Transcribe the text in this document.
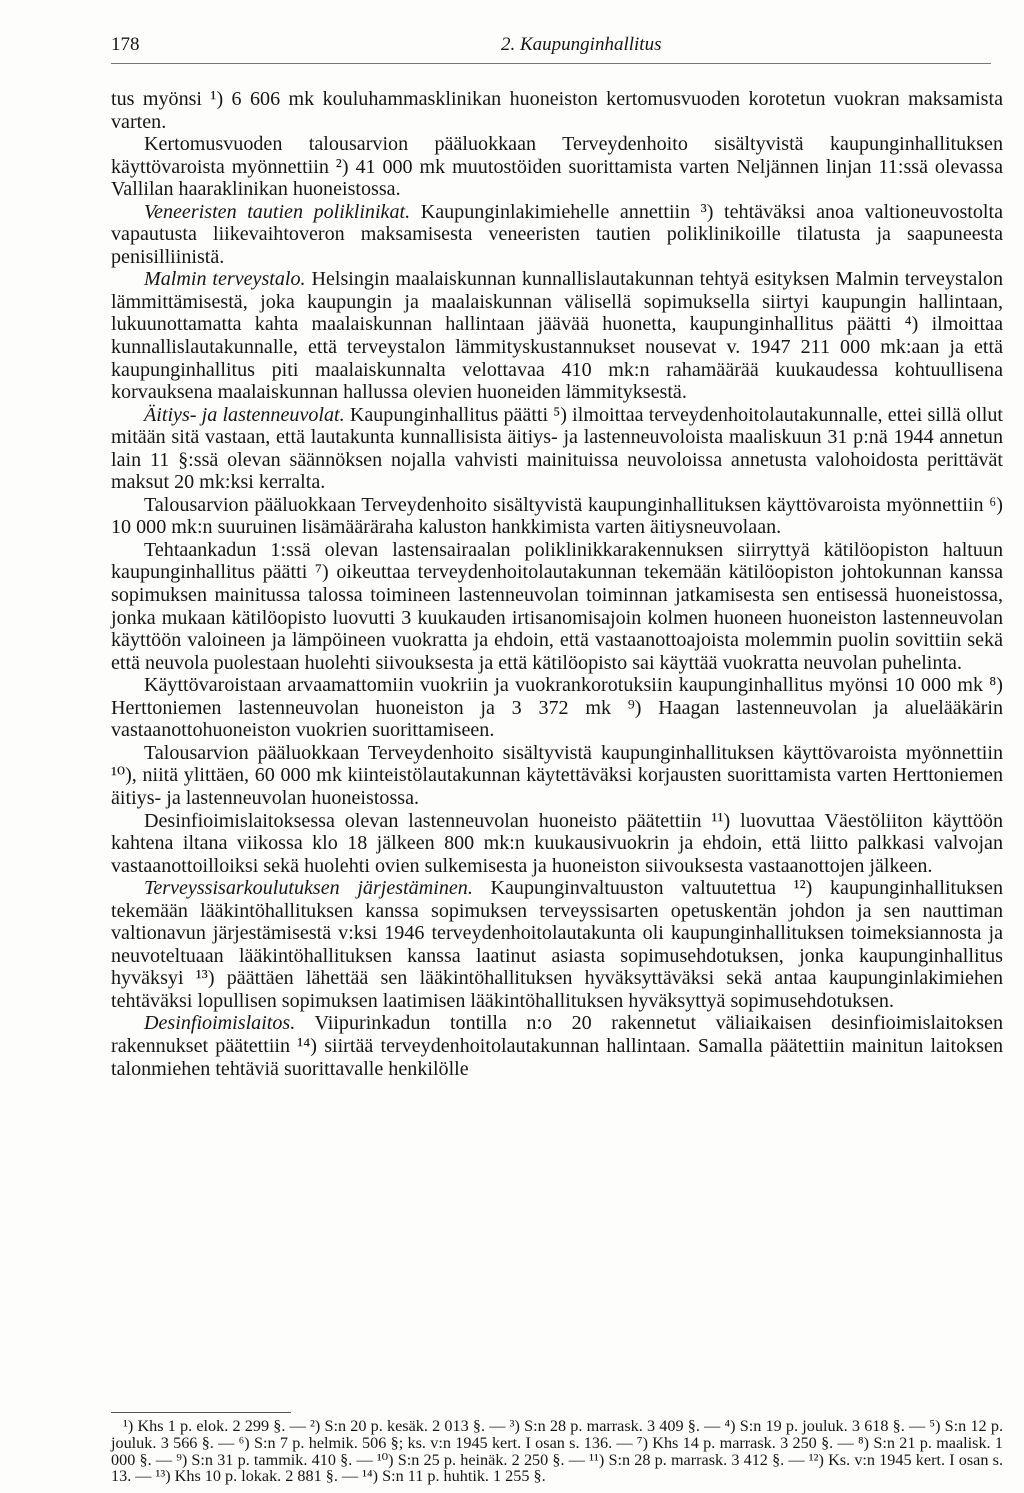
178	2. Kaupunginhallitus

tus myönsi ¹) 6 606 mk kouluhammasklinikan huoneiston kertomusvuoden korotetun vuokran maksamista varten.

Kertomusvuoden talousarvion pääluokkaan Terveydenhoito sisältyvistä kaupunginhallituksen käyttövaroista myönnettiin ²) 41 000 mk muutostöiden suorittamista varten Neljännen linjan 11:ssä olevassa Vallilan haaraklinikan huoneistossa.

Veneeristen tautien poliklinikat. Kaupunginlakimiehelle annettiin ³) tehtäväksi anoa valtioneuvostolta vapautusta liikevaihtoveron maksamisesta veneeristen tautien poliklinikoille tilatusta ja saapuneesta penisilliinistä.

Malmin terveystalo. Helsingin maalaiskunnan kunnallislautakunnan tehtyä esityksen Malmin terveystalon lämmittämisestä, joka kaupungin ja maalaiskunnan välisellä sopimuksella siirtyi kaupungin hallintaan, lukuunottamatta kahta maalaiskunnan hallintaan jäävää huonetta, kaupunginhallitus päätti ⁴) ilmoittaa kunnallislautakunnalle, että terveystalon lämmityskustannukset nousevat v. 1947 211 000 mk:aan ja että kaupunginhallitus piti maalaiskunnalta velottavaa 410 mk:n rahamäärää kuukaudessa kohtuullisena korvauksena maalaiskunnan hallussa olevien huoneiden lämmityksestä.

Äitiys- ja lastenneuvolat. Kaupunginhallitus päätti ⁵) ilmoittaa terveydenhoitolautakunnalle, ettei sillä ollut mitään sitä vastaan, että lautakunta kunnallisista äitiys- ja lastenneuvoloista maaliskuun 31 p:nä 1944 annetun lain 11 §:ssä olevan säännöksen nojalla vahvisti mainituissa neuvoloissa annetusta valohoidosta perittävät maksut 20 mk:ksi kerralta.

Talousarvion pääluokkaan Terveydenhoito sisältyvistä kaupunginhallituksen käyttövaroista myönnettiin ⁶) 10 000 mk:n suuruinen lisämääräraha kaluston hankkimista varten äitiysneuvolaan.

Tehtaankadun 1:ssä olevan lastensairaalan poliklinikkarakennuksen siirryttyä kätilöopiston haltuun kaupunginhallitus päätti ⁷) oikeuttaa terveydenhoitolautakunnan tekemään kätilöopiston johtokunnan kanssa sopimuksen mainitussa talossa toimineen lastenneuvolan toiminnan jatkamisesta sen entisessä huoneistossa, jonka mukaan kätilöopisto luovutti 3 kuukauden irtisanomisajoin kolmen huoneen huoneiston lastenneuvolan käyttöön valoineen ja lämpöineen vuokratta ja ehdoin, että vastaanottoajoista molemmin puolin sovittiin sekä että neuvola puolestaan huolehti siivouksesta ja että kätilöopisto sai käyttää vuokratta neuvolan puhelinta.

Käyttövaroistaan arvaamattomiin vuokriin ja vuokrankorotuksiin kaupunginhallitus myönsi 10 000 mk ⁸) Herttoniemen lastenneuvolan huoneiston ja 3 372 mk ⁹) Haagan lastenneuvolan ja aluelääkärin vastaanottohuoneiston vuokrien suorittamiseen.

Talousarvion pääluokkaan Terveydenhoito sisältyvistä kaupunginhallituksen käyttövaroista myönnettiin ¹⁰), niitä ylittäen, 60 000 mk kiinteistölautakunnan käytettäväksi korjausten suorittamista varten Herttoniemen äitiys- ja lastenneuvolan huoneistossa.

Desinfioimislaitoksessa olevan lastenneuvolan huoneisto päätettiin ¹¹) luovuttaa Väestöliiton käyttöön kahtena iltana viikossa klo 18 jälkeen 800 mk:n kuukausivuokrin ja ehdoin, että liitto palkkasi valvojan vastaanottoilloiksi sekä huolehti ovien sulkemisesta ja huoneiston siivouksesta vastaanottojen jälkeen.

Terveyssisarkoulutuksen järjestäminen. Kaupunginvaltuuston valtuutettua ¹²) kaupunginhallituksen tekemään lääkintöhallituksen kanssa sopimuksen terveyssisarten opetuskentän johdon ja sen nauttiman valtionavun järjestämisestä v:ksi 1946 terveydenhoitolautakunta oli kaupunginhallituksen toimeksiannosta ja neuvoteltuaan lääkintöhallituksen kanssa laatinut asiasta sopimusehdotuksen, jonka kaupunginhallitus hyväksyi ¹³) päättäen lähettää sen lääkintöhallituksen hyväksyttäväksi sekä antaa kaupunginlakimiehen tehtäväksi lopullisen sopimuksen laatimisen lääkintöhallituksen hyväksyttyä sopimusehdotuksen.

Desinfioimislaitos. Viipurinkadun tontilla n:o 20 rakennetut väliaikaisen desinfioimislaitoksen rakennukset päätettiin ¹⁴) siirtää terveydenhoitolautakunnan hallintaan. Samalla päätettiin mainitun laitoksen talonmiehen tehtäviä suorittavalle henkilölle

¹) Khs 1 p. elok. 2 299 §. — ²) S:n 20 p. kesäk. 2 013 §. — ³) S:n 28 p. marrask. 3 409 §. — ⁴) S:n 19 p. jouluk. 3 618 §. — ⁵) S:n 12 p. jouluk. 3 566 §. — ⁶) S:n 7 p. helmik. 506 §; ks. v:n 1945 kert. I osan s. 136. — ⁷) Khs 14 p. marrask. 3 250 §. — ⁸) S:n 21 p. maalisk. 1 000 §. — ⁹) S:n 31 p. tammik. 410 §. — ¹⁰) S:n 25 p. heinäk. 2 250 §. — ¹¹) S:n 28 p. marrask. 3 412 §. — ¹²) Ks. v:n 1945 kert. I osan s. 13. — ¹³) Khs 10 p. lokak. 2 881 §. — ¹⁴) S:n 11 p. huhtik. 1 255 §.
